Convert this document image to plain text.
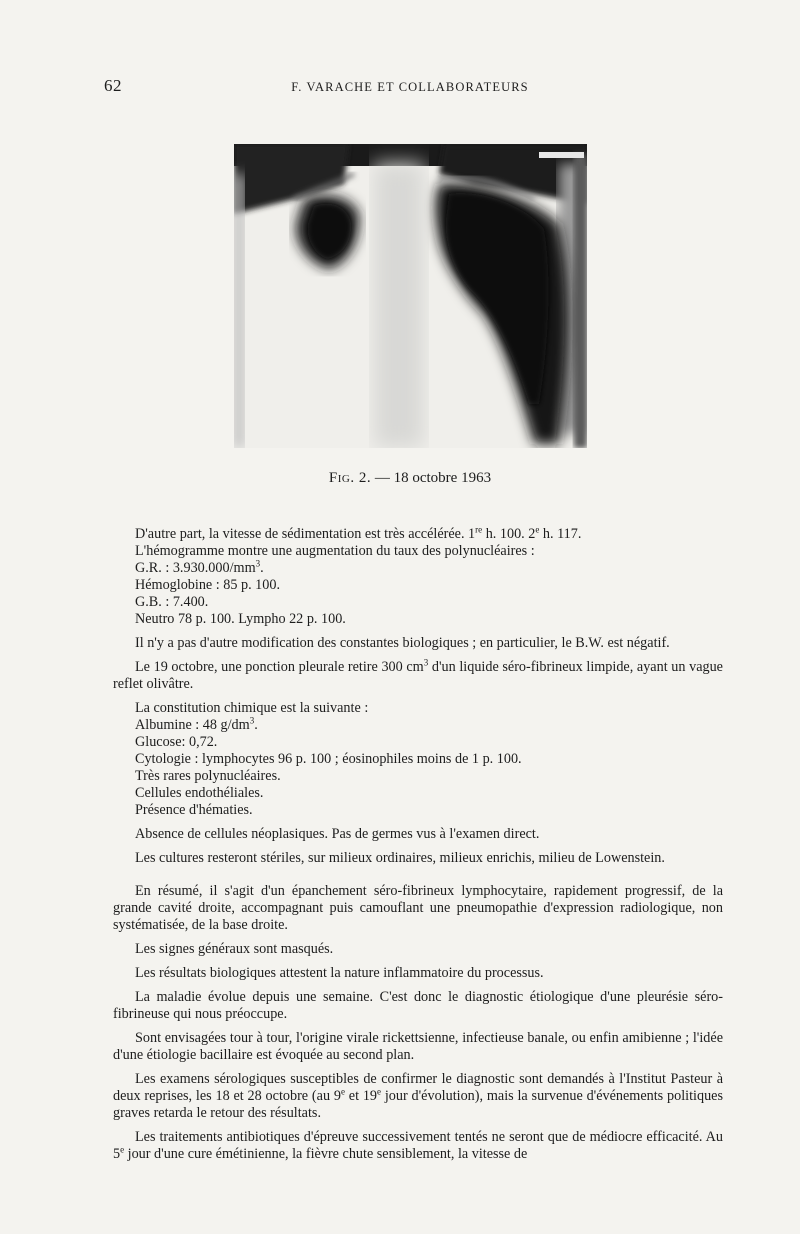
62	F. VARACHE ET COLLABORATEURS
Fig. 2. — 18 octobre 1963

D'autre part, la vitesse de sédimentation est très accélérée. 1re h. 100. 2e h. 117.

L'hémogramme montre une augmentation du taux des polynucléaires :

G.R. : $3.930.000/mm^3$.

Hémoglobine : 85 p. 100.

G.B. : 7.400.

Neutro 78 p. 100. Lympho 22 p. 100.

Il n'y a pas d'autre modification des constantes biologiques ; en particulier, le B.W. est négatif.

Le 19 octobre, une ponction pleurale retire 300 $cm^3$ d'un liquide séro-fibrineux limpide, ayant un vague reflet olivâtre.

La constitution chimique est la suivante :

Albumine : 48 $g/dm^3$.

Glucose: 0,72.

Cytologie : lymphocytes 96 p. 100 ; éosinophiles moins de 1 p. 100.

Très rares polynucléaires.

Cellules endothéliales.

Présence d'hématies.

Absence de cellules néoplasiques. Pas de germes vus à l'examen direct.

Les cultures resteront stériles, sur milieux ordinaires, milieux enrichis, milieu de Lowenstein.

En résumé, il s'agit d'un épanchement séro-fibrineux lymphocytaire, rapidement progressif, de la grande cavité droite, accompagnant puis camouflant une pneumopathie d'expression radiologique, non systématisée, de la base droite.

Les signes généraux sont masqués.

Les résultats biologiques attestent la nature inflammatoire du processus.

La maladie évolue depuis une semaine. C'est donc le diagnostic étiologique d'une pleurésie séro-fibrineuse qui nous préoccupe.

Sont envisagées tour à tour, l'origine virale rickettsienne, infectieuse banale, ou enfin amibienne ; l'idée d'une étiologie bacillaire est évoquée au second plan.

Les examens sérologiques susceptibles de confirmer le diagnostic sont demandés à l'Institut Pasteur à deux reprises, les 18 et 28 octobre (au 9e et 19e jour d'évolution), mais la survenue d'événements politiques graves retarda le retour des résultats.

Les traitements antibiotiques d'épreuve successivement tentés ne seront que de médiocre efficacité. Au 5e jour d'une cure émétinienne, la fièvre chute sensiblement, la vitesse de
